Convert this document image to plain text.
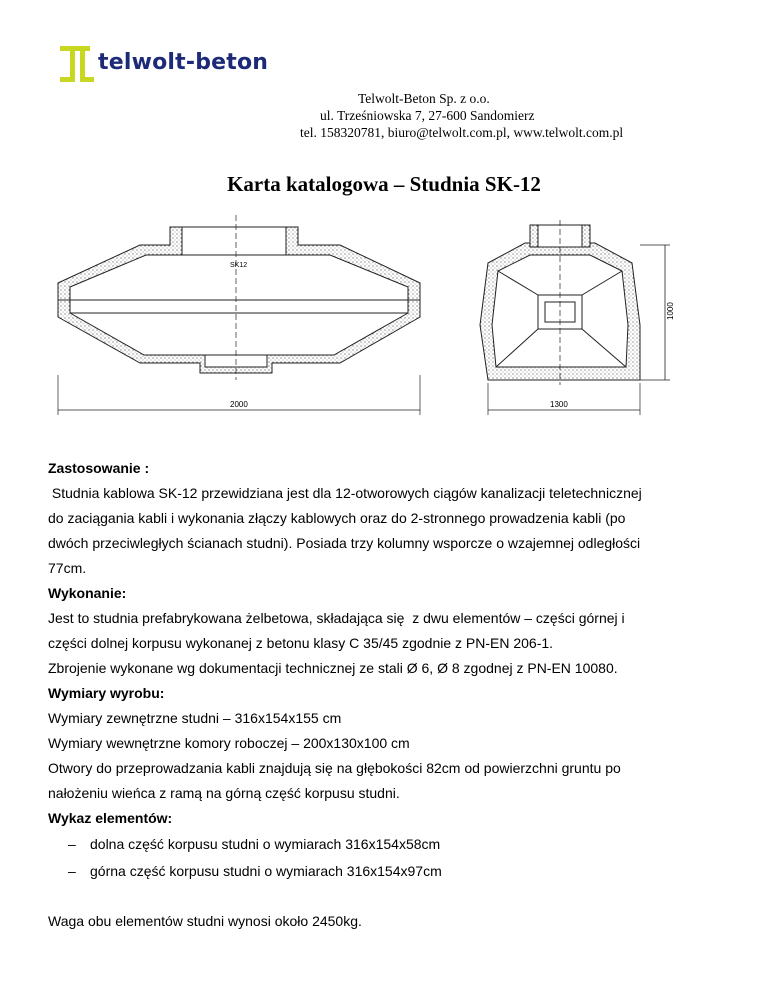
telwolt-beton
Telwolt-Beton Sp. z o.o.
ul. Trześniowska 7, 27-600 Sandomierz
tel. 158320781, biuro@telwolt.com.pl, www.telwolt.com.pl
Karta katalogowa – Studnia SK-12
2000
SK12
1300
1000

Zastosowanie :

Studnia kablowa SK-12 przewidziana jest dla 12-otworowych ciągów kanalizacji teletechnicznej

do zaciągania kabli i wykonania złączy kablowych oraz do 2-stronnego prowadzenia kabli (po

dwóch przeciwległych ścianach studni). Posiada trzy kolumny wsporcze o wzajemnej odległości

77cm.

Wykonanie:

Jest to studnia prefabrykowana żelbetowa, składająca się  z dwu elementów – części górnej i

części dolnej korpusu wykonanej z betonu klasy C 35/45 zgodnie z PN-EN 206-1.

Zbrojenie wykonane wg dokumentacji technicznej ze stali Ø 6, Ø 8 zgodnej z PN-EN 10080.

Wymiary wyrobu:

Wymiary zewnętrzne studni – 316x154x155 cm

Wymiary wewnętrzne komory roboczej – 200x130x100 cm

Otwory do przeprowadzania kabli znajdują się na głębokości 82cm od powierzchni gruntu po

nałożeniu wieńca z ramą na górną część korpusu studni.

Wykaz elementów:

– dolna część korpusu studni o wymiarach 316x154x58cm
– górna część korpusu studni o wymiarach 316x154x97cm

Waga obu elementów studni wynosi około 2450kg.
